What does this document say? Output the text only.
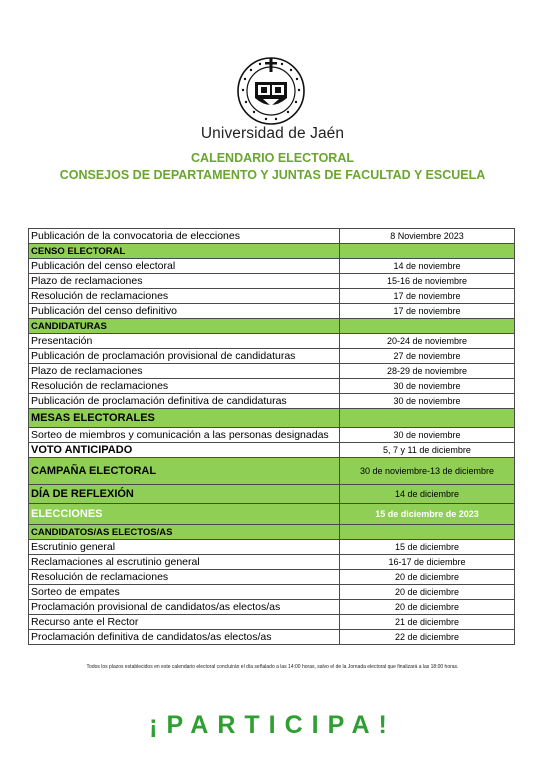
Universidad de Jaén
CALENDARIO ELECTORAL
CONSEJOS DE DEPARTAMENTO Y JUNTAS DE FACULTAD Y ESCUELA
Publicación de la convocatoria de elecciones	8 Noviembre 2023
CENSO ELECTORAL	
Publicación del censo electoral	14 de noviembre
Plazo de reclamaciones	15-16 de noviembre
Resolución de reclamaciones	17 de noviembre
Publicación del censo definitivo	17 de noviembre
CANDIDATURAS	
Presentación	20-24 de noviembre
Publicación de proclamación provisional de candidaturas	27 de noviembre
Plazo de reclamaciones	28-29 de noviembre
Resolución de reclamaciones	30 de noviembre
Publicación de proclamación definitiva de candidaturas	30 de noviembre
MESAS ELECTORALES	
Sorteo de miembros y comunicación a las personas designadas	30 de noviembre
VOTO ANTICIPADO	5, 7 y 11 de diciembre
CAMPAÑA ELECTORAL	30 de noviembre-13 de diciembre
DÍA DE REFLEXIÓN	14 de diciembre
ELECCIONES	15 de diciembre de 2023
CANDIDATOS/AS ELECTOS/AS	
Escrutinio general	15 de diciembre
Reclamaciones al escrutinio general	16-17 de diciembre
Resolución de reclamaciones	20 de diciembre
Sorteo de empates	20 de diciembre
Proclamación provisional de candidatos/as electos/as	20 de diciembre
Recurso ante el Rector	21 de diciembre
Proclamación definitiva de candidatos/as electos/as	22 de diciembre
Todos los plazos establecidos en este calendario electoral concluirán el día señalado a las 14:00 horas, salvo el de la Jornada electoral que finalizará a las 18:00 horas.
¡PARTICIPA!
